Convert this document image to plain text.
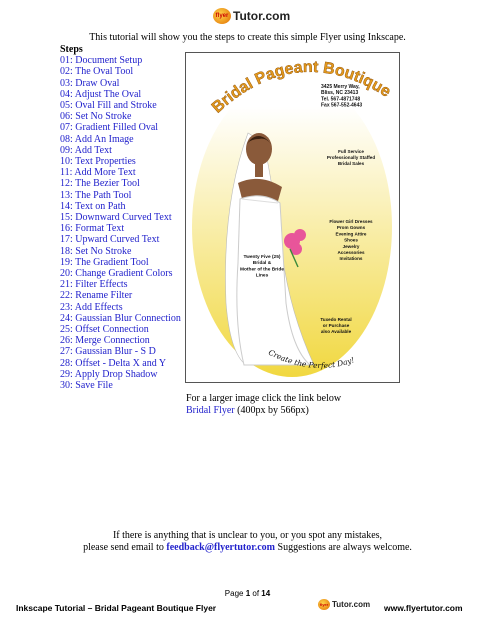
flyer Tutor.com
This tutorial will show you the steps to create this simple Flyer using Inkscape.
Steps
01: Document Setup
02: The Oval Tool
03: Draw Oval
04: Adjust The Oval
05: Oval Fill and Stroke
06: Set No Stroke
07: Gradient Filled Oval
08: Add An Image
09: Add Text
10: Text Properties
11: Add More Text
12: The Bezier Tool
13: The Path Tool
14: Text on Path
15: Downward Curved Text
16: Format Text
17: Upward Curved Text
18: Set No Stroke
19: The Gradient Tool
20: Change Gradient Colors
21: Filter Effects
22: Rename Filter
23: Add Effects
24: Gaussian Blur Connection
25: Offset Connection
26: Merge Connection
27: Gaussian Blur - S D
28: Offset - Delta X and Y
29: Apply Drop Shadow
30: Save File
Bridal Pageant Boutique
3425 Merry Way, Bliss, NC 23413 Tel. 567-4871748 Fax 567-552-4643
Full Service Professionally Staffed Bridal Sales
Flower Girl Dresses Prom Gowns Evening Attire Shoes Jewelry Accessories Invitations
Twenty Five (25) Bridal & Mother of the Bride Lines
Tuxedo Rental or Purchase also Available
Create the Perfect Day!
For a larger image click the link below
Bridal Flyer (400px by 566px)
If there is anything that is unclear to you, or you spot any mistakes,
please send email to feedback@flyertutor.com Suggestions are always welcome.
Page 1 of 14
Inkscape Tutorial – Bridal Pageant Boutique Flyer	flyer Tutor.com www.flyertutor.com
